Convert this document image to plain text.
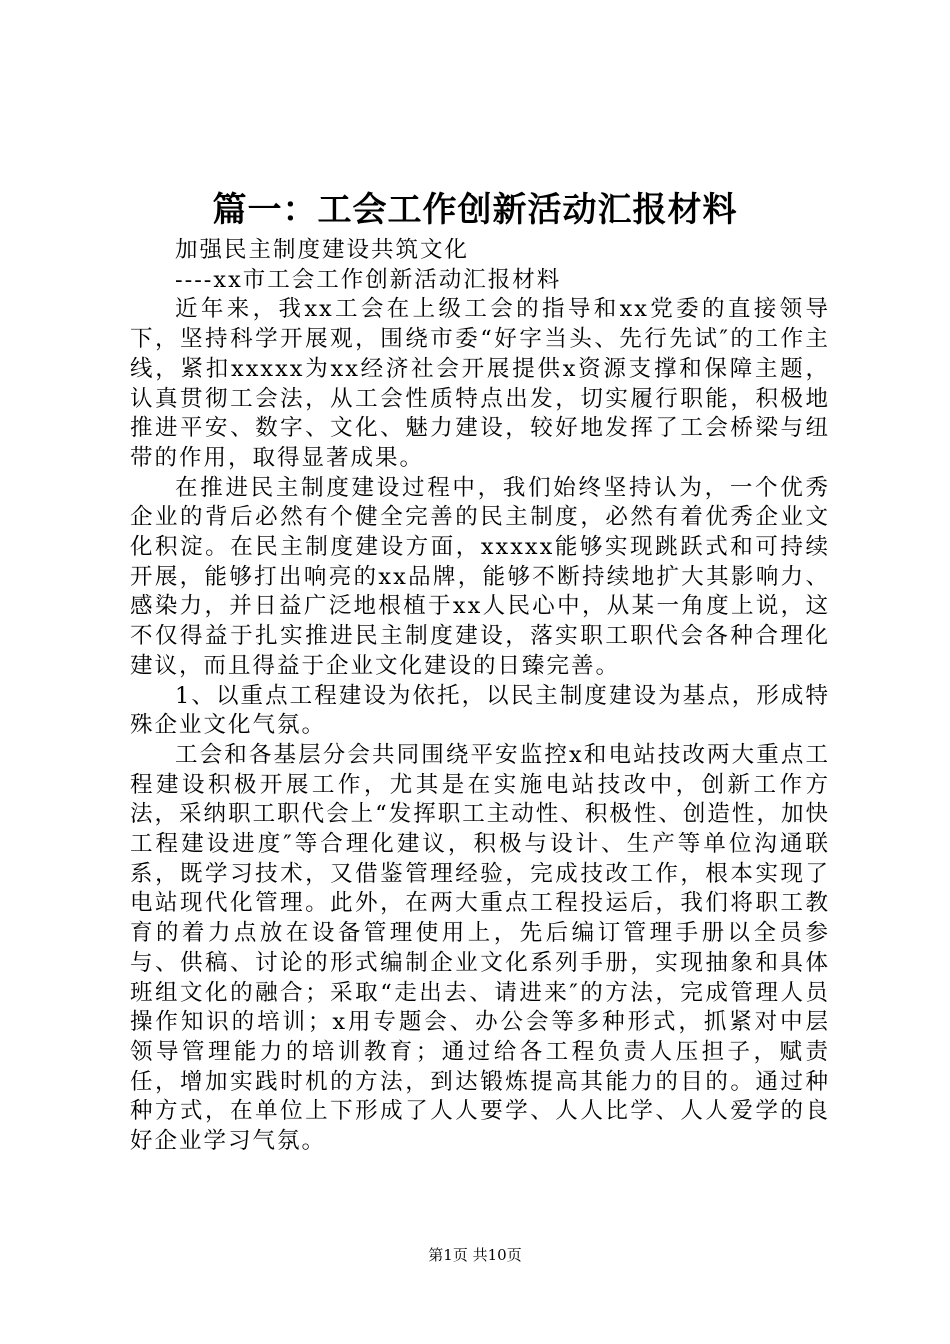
篇一：工会工作创新活动汇报材料

加强民主制度建设共筑文化

----xx市工会工作创新活动汇报材料

近年来，我xx工会在上级工会的指导和xx党委的直接领导下，坚持科学开展观，围绕市委“好字当头、先行先试″的工作主线，紧扣xxxxx为xx经济社会开展提供x资源支撑和保障主题，认真贯彻工会法，从工会性质特点出发，切实履行职能，积极地推进平安、数字、文化、魅力建设，较好地发挥了工会桥梁与纽带的作用，取得显著成果。

在推进民主制度建设过程中，我们始终坚持认为，一个优秀企业的背后必然有个健全完善的民主制度，必然有着优秀企业文化积淀。在民主制度建设方面，xxxxx能够实现跳跃式和可持续开展，能够打出响亮的xx品牌，能够不断持续地扩大其影响力、感染力，并日益广泛地根植于xx人民心中，从某一角度上说，这不仅得益于扎实推进民主制度建设，落实职工职代会各种合理化建议，而且得益于企业文化建设的日臻完善。

1、以重点工程建设为依托，以民主制度建设为基点，形成特殊企业文化气氛。

工会和各基层分会共同围绕平安监控x和电站技改两大重点工程建设积极开展工作，尤其是在实施电站技改中，创新工作方法，采纳职工职代会上“发挥职工主动性、积极性、创造性，加快工程建设进度″等合理化建议，积极与设计、生产等单位沟通联系，既学习技术，又借鉴管理经验，完成技改工作，根本实现了电站现代化管理。此外，在两大重点工程投运后，我们将职工教育的着力点放在设备管理使用上，先后编订管理手册以全员参与、供稿、讨论的形式编制企业文化系列手册，实现抽象和具体班组文化的融合；采取“走出去、请进来″的方法，完成管理人员操作知识的培训；x用专题会、办公会等多种形式，抓紧对中层领导管理能力的培训教育；通过给各工程负责人压担子，赋责任，增加实践时机的方法，到达锻炼提高其能力的目的。通过种种方式，在单位上下形成了人人要学、人人比学、人人爱学的良好企业学习气氛。

第1页 共10页
